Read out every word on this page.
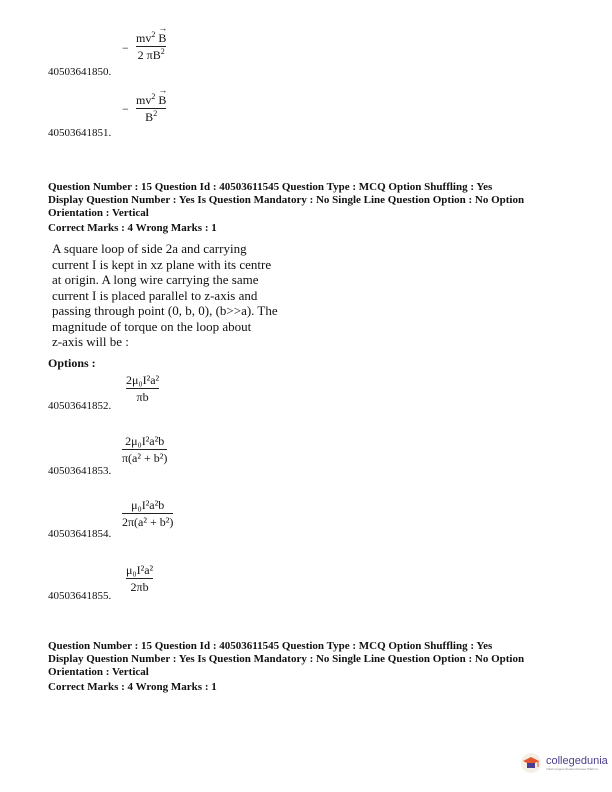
40503641850.
−
$mv^2 \to B$
2 $\pi B^2$
40503641851.
−
$mv^2 \to B$
$B^2$
Question Number : 15 Question Id : 40503611545 Question Type : MCQ Option Shuffling : Yes
Display Question Number : Yes Is Question Mandatory : No Single Line Question Option : No Option
Orientation : Vertical
Correct Marks : 4 Wrong Marks : 1
A square loop of side 2a and carrying
current I is kept in xz plane with its centre
at origin. A long wire carrying the same
current I is placed parallel to z-axis and
passing through point (0, b, 0), (b>>a). The
magnitude of torque on the loop about
z-axis will be :
Options :
40503641852.
2μ₀I²a²
πb
40503641853.
2μ₀I²a²b
π(a² + b²)
40503641854.
μ₀I²a²b
2π(a² + b²)
40503641855.
μ₀I²a²
2πb
Question Number : 15 Question Id : 40503611545 Question Type : MCQ Option Shuffling : Yes
Display Question Number : Yes Is Question Mandatory : No Single Line Question Option : No Option
Orientation : Vertical
Correct Marks : 4 Wrong Marks : 1
collegedunia
India's largest Student Review Platform
